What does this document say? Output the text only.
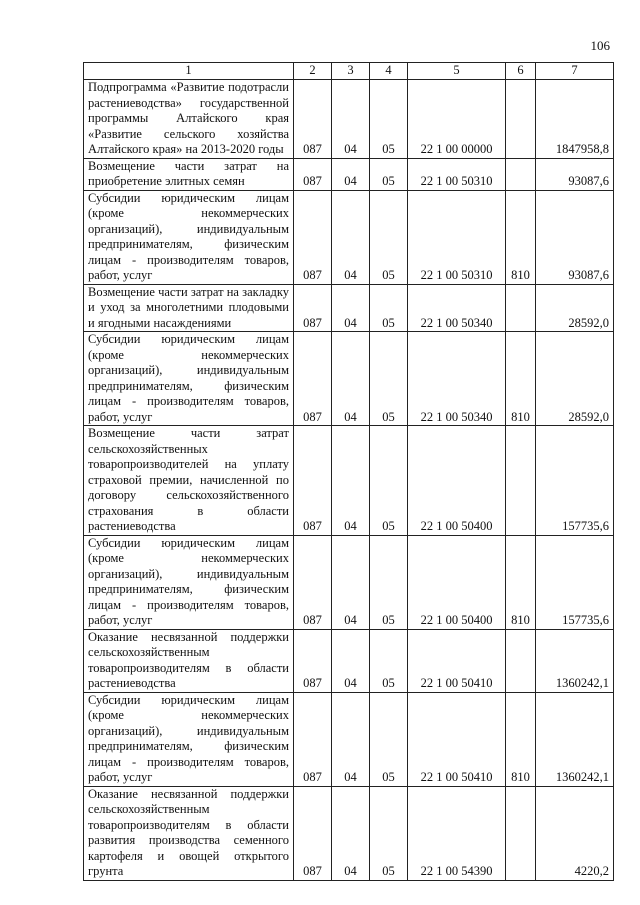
106
1	2	3	4	5	6	7
Подпрограмма «Развитие подотрасли растениеводства» государственной программы Алтайского края «Развитие сельского хозяйства Алтайского края» на 2013-2020 годы	087	04	05	22 1 00 00000		1847958,8
Возмещение части затрат на приобретение элитных семян	087	04	05	22 1 00 50310		93087,6
Субсидии юридическим лицам (кроме некоммерческих организаций), индивидуальным предпринимателям, физическим лицам - производителям товаров, работ, услуг	087	04	05	22 1 00 50310	810	93087,6
Возмещение части затрат на закладку и уход за многолетними плодовыми и ягодными насаждениями	087	04	05	22 1 00 50340		28592,0
Субсидии юридическим лицам (кроме некоммерческих организаций), индивидуальным предпринимателям, физическим лицам - производителям товаров, работ, услуг	087	04	05	22 1 00 50340	810	28592,0
Возмещение части затрат сельскохозяйственных товаропроизводителей на уплату страховой премии, начисленной по договору сельскохозяйственного страхования в области растениеводства	087	04	05	22 1 00 50400		157735,6
Субсидии юридическим лицам (кроме некоммерческих организаций), индивидуальным предпринимателям, физическим лицам - производителям товаров, работ, услуг	087	04	05	22 1 00 50400	810	157735,6
Оказание несвязанной поддержки сельскохозяйственным товаропроизводителям в области растениеводства	087	04	05	22 1 00 50410		1360242,1
Субсидии юридическим лицам (кроме некоммерческих организаций), индивидуальным предпринимателям, физическим лицам - производителям товаров, работ, услуг	087	04	05	22 1 00 50410	810	1360242,1
Оказание несвязанной поддержки сельскохозяйственным товаропроизводителям в области развития производства семенного картофеля и овощей открытого грунта	087	04	05	22 1 00 54390		4220,2
